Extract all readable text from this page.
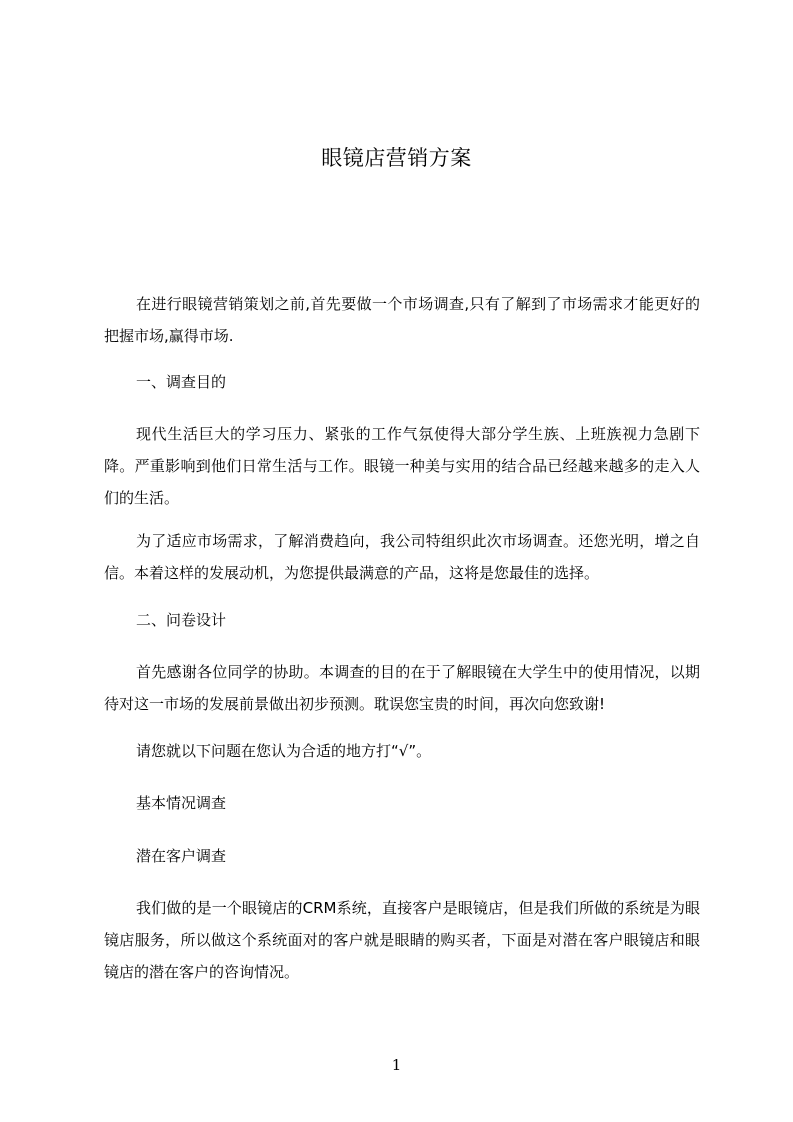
眼镜店营销方案
在进行眼镜营销策划之前,首先要做一个市场调查,只有了解到了市场需求才能更好的把握市场,赢得市场.
一、调查目的
现代生活巨大的学习压力、紧张的工作气氛使得大部分学生族、上班族视力急剧下降。严重影响到他们日常生活与工作。眼镜一种美与实用的结合品已经越来越多的走入人们的生活。
为了适应市场需求，了解消费趋向，我公司特组织此次市场调查。还您光明，增之自信。本着这样的发展动机，为您提供最满意的产品，这将是您最佳的选择。
二、问卷设计
首先感谢各位同学的协助。本调查的目的在于了解眼镜在大学生中的使用情况，以期待对这一市场的发展前景做出初步预测。耽误您宝贵的时间，再次向您致谢!
请您就以下问题在您认为合适的地方打“√”。
基本情况调查
潜在客户调查
我们做的是一个眼镜店的CRM系统，直接客户是眼镜店，但是我们所做的系统是为眼镜店服务，所以做这个系统面对的客户就是眼睛的购买者，下面是对潜在客户眼镜店和眼镜店的潜在客户的咨询情况。
1
